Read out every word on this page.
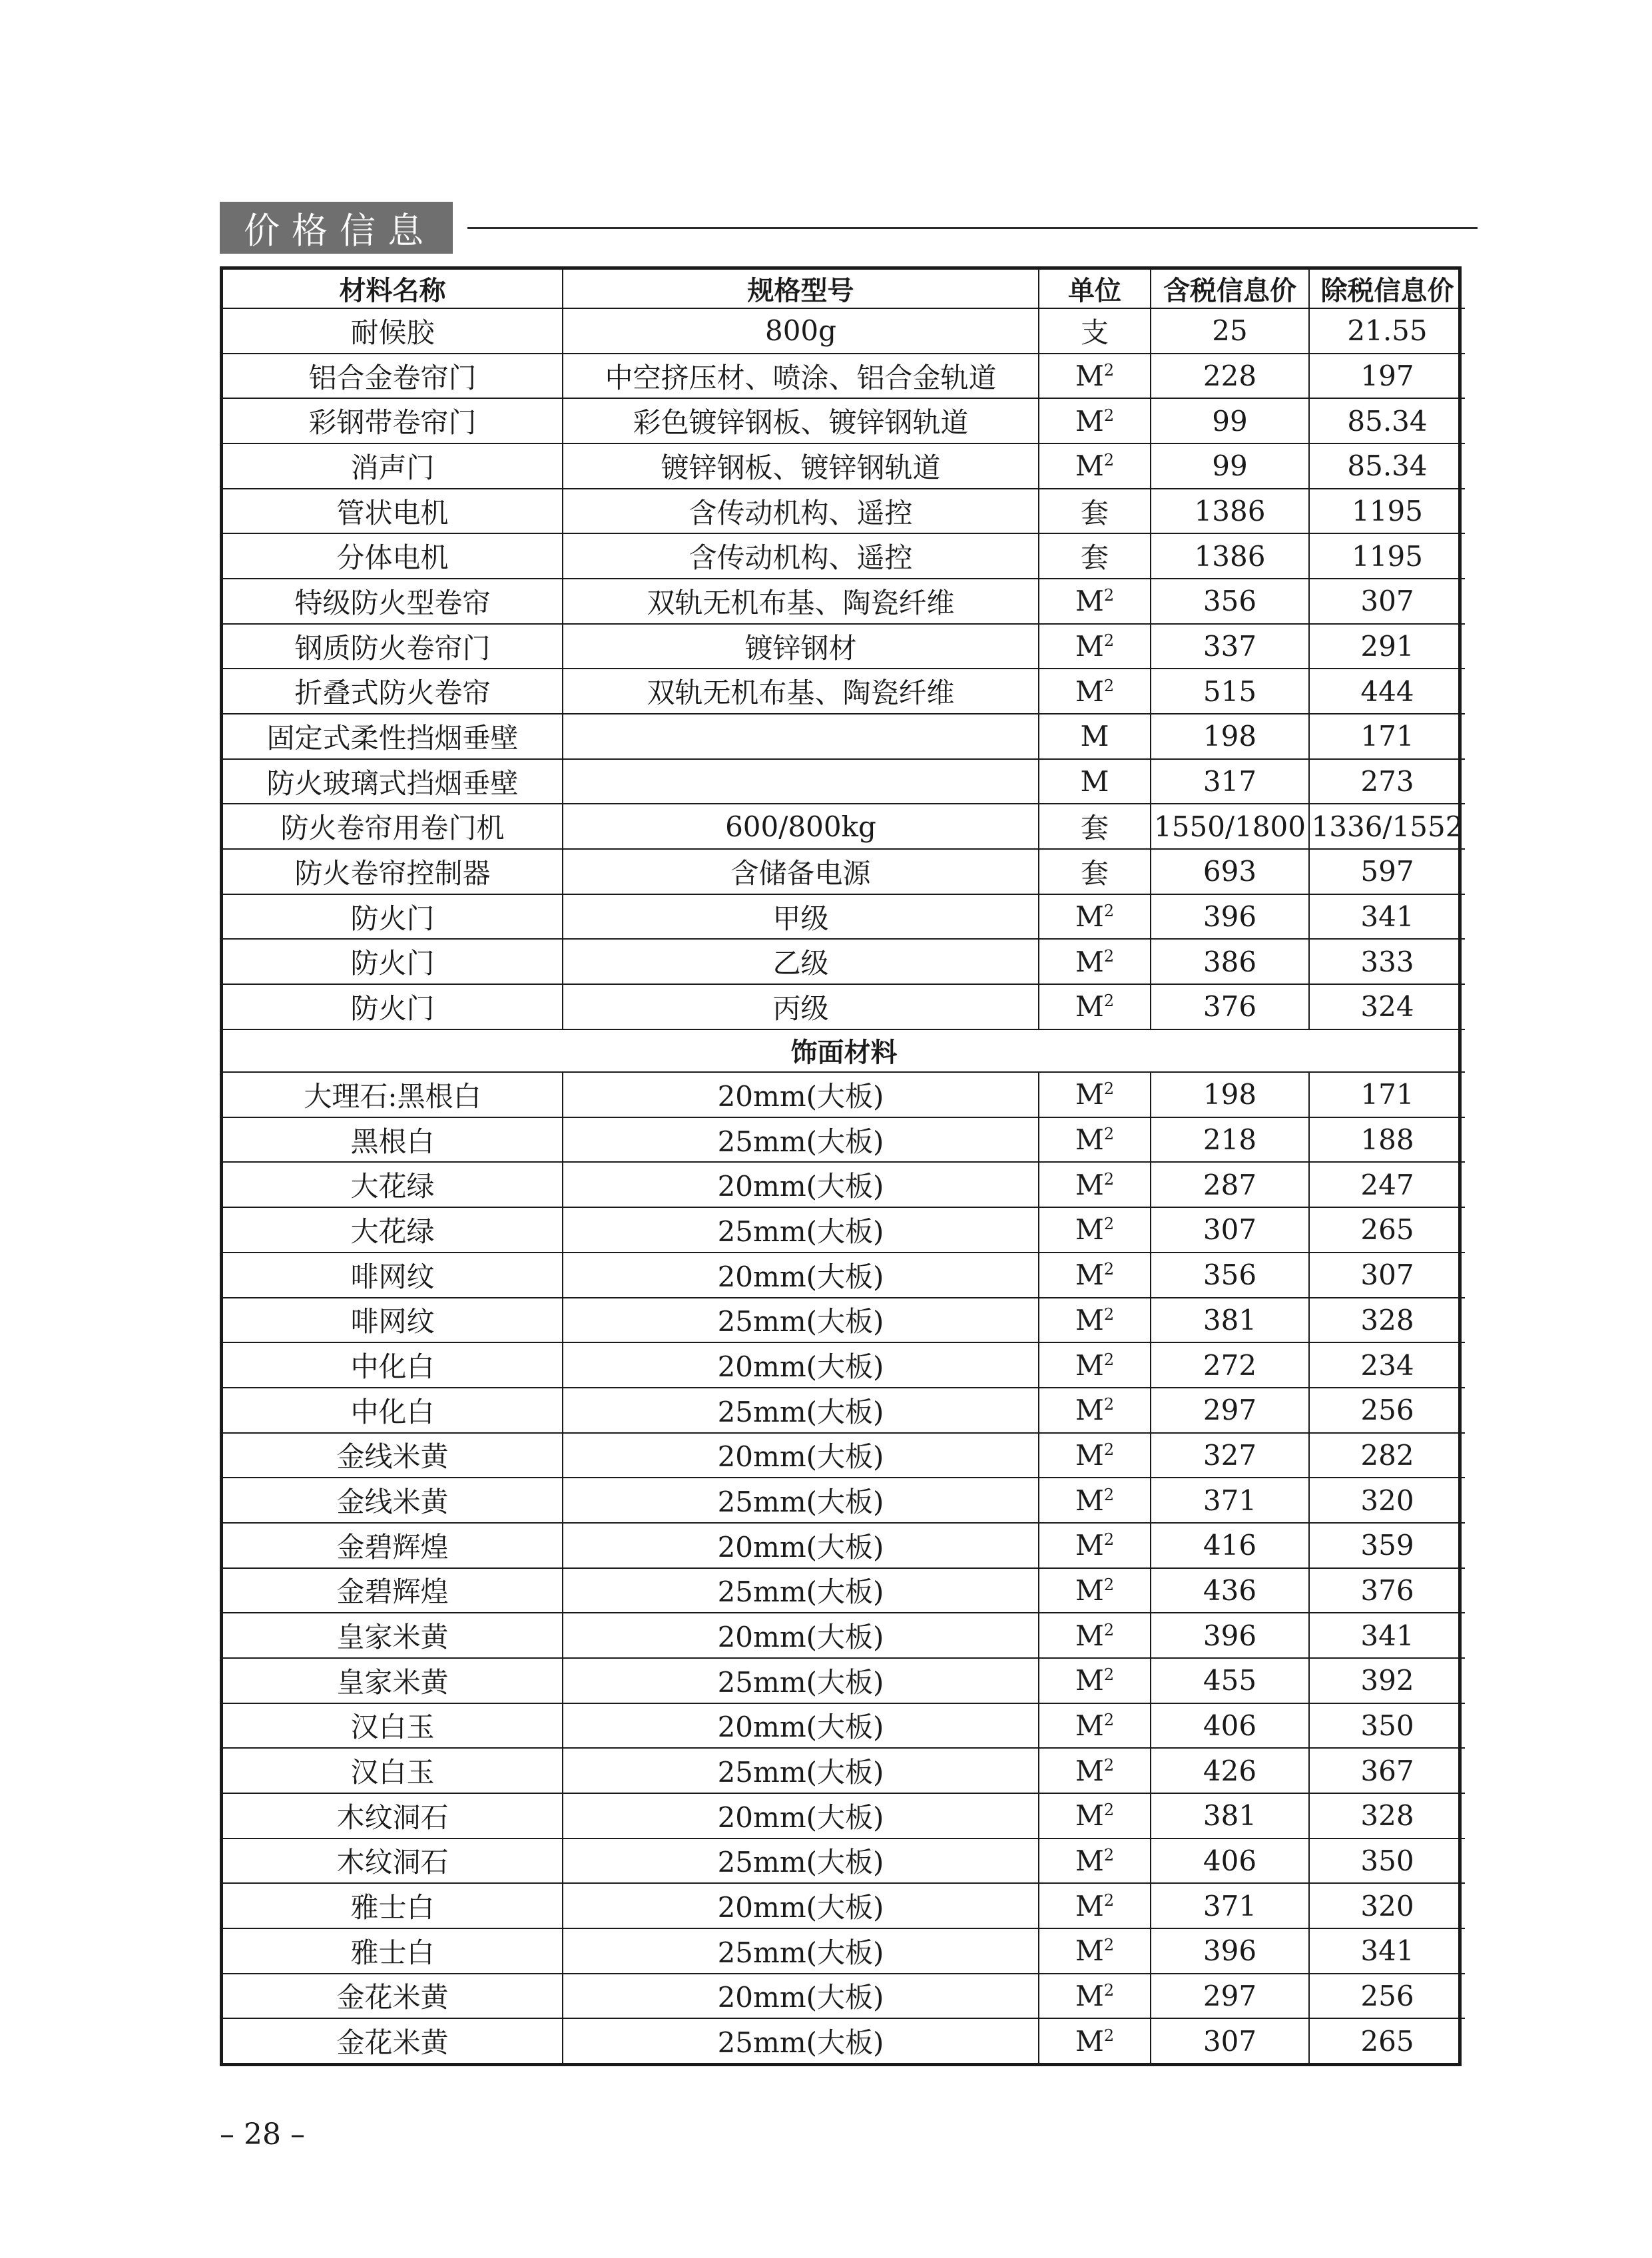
价格信息
材料名称	规格型号	单位	含税信息价	除税信息价
耐候胶	800g	支	25	21.55
铝合金卷帘门	中空挤压材、喷涂、铝合金轨道	$M^2$	228	197
彩钢带卷帘门	彩色镀锌钢板、镀锌钢轨道	$M^2$	99	85.34
消声门	镀锌钢板、镀锌钢轨道	$M^2$	99	85.34
管状电机	含传动机构、遥控	套	1386	1195
分体电机	含传动机构、遥控	套	1386	1195
特级防火型卷帘	双轨无机布基、陶瓷纤维	$M^2$	356	307
钢质防火卷帘门	镀锌钢材	$M^2$	337	291
折叠式防火卷帘	双轨无机布基、陶瓷纤维	$M^2$	515	444
固定式柔性挡烟垂壁		M	198	171
防火玻璃式挡烟垂壁		M	317	273
防火卷帘用卷门机	600/800kg	套	1550/1800	1336/1552
防火卷帘控制器	含储备电源	套	693	597
防火门	甲级	$M^2$	396	341
防火门	乙级	$M^2$	386	333
防火门	丙级	$M^2$	376	324
饰面材料				
大理石:黑根白	20mm(大板)	$M^2$	198	171
黑根白	25mm(大板)	$M^2$	218	188
大花绿	20mm(大板)	$M^2$	287	247
大花绿	25mm(大板)	$M^2$	307	265
啡网纹	20mm(大板)	$M^2$	356	307
啡网纹	25mm(大板)	$M^2$	381	328
中化白	20mm(大板)	$M^2$	272	234
中化白	25mm(大板)	$M^2$	297	256
金线米黄	20mm(大板)	$M^2$	327	282
金线米黄	25mm(大板)	$M^2$	371	320
金碧辉煌	20mm(大板)	$M^2$	416	359
金碧辉煌	25mm(大板)	$M^2$	436	376
皇家米黄	20mm(大板)	$M^2$	396	341
皇家米黄	25mm(大板)	$M^2$	455	392
汉白玉	20mm(大板)	$M^2$	406	350
汉白玉	25mm(大板)	$M^2$	426	367
木纹洞石	20mm(大板)	$M^2$	381	328
木纹洞石	25mm(大板)	$M^2$	406	350
雅士白	20mm(大板)	$M^2$	371	320
雅士白	25mm(大板)	$M^2$	396	341
金花米黄	20mm(大板)	$M^2$	297	256
金花米黄	25mm(大板)	$M^2$	307	265
– 28 –
